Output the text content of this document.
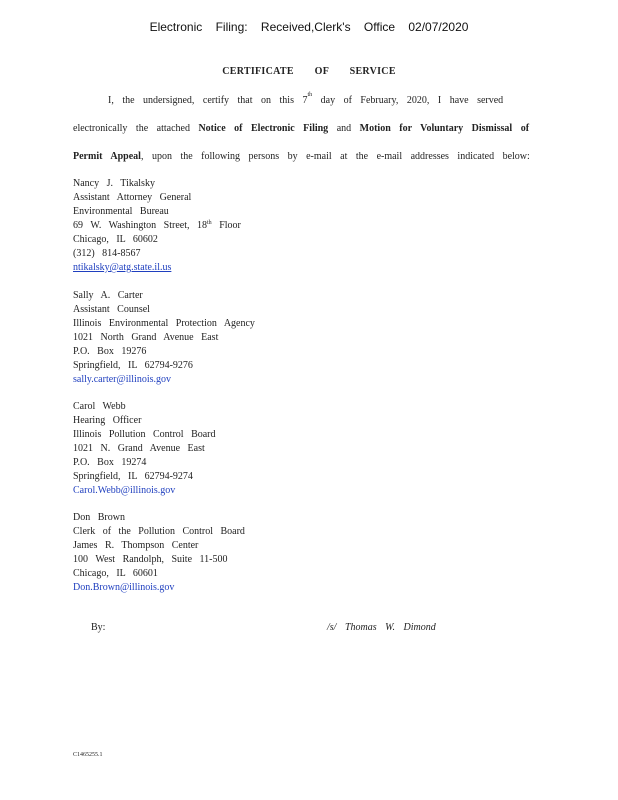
Electronic Filing: Received,Clerk's Office 02/07/2020
CERTIFICATE OF SERVICE
I, the undersigned, certify that on this 7th day of February, 2020, I have served
electronically the attached Notice of Electronic Filing and Motion for Voluntary Dismissal of
Permit Appeal, upon the following persons by e-mail at the e-mail addresses indicated below:
Nancy J. Tikalsky
Assistant Attorney General
Environmental Bureau
69 W. Washington Street, 18th Floor
Chicago, IL 60602
(312) 814-8567
ntikalsky@atg.state.il.us
Sally A. Carter
Assistant Counsel
Illinois Environmental Protection Agency
1021 North Grand Avenue East
P.O. Box 19276
Springfield, IL 62794-9276
sally.carter@illinois.gov
Carol Webb
Hearing Officer
Illinois Pollution Control Board
1021 N. Grand Avenue East
P.O. Box 19274
Springfield, IL 62794-9274
Carol.Webb@illinois.gov
Don Brown
Clerk of the Pollution Control Board
James R. Thompson Center
100 West Randolph, Suite 11-500
Chicago, IL 60601
Don.Brown@illinois.gov
By:	/s/ Thomas W. Dimond
C1465255.1
